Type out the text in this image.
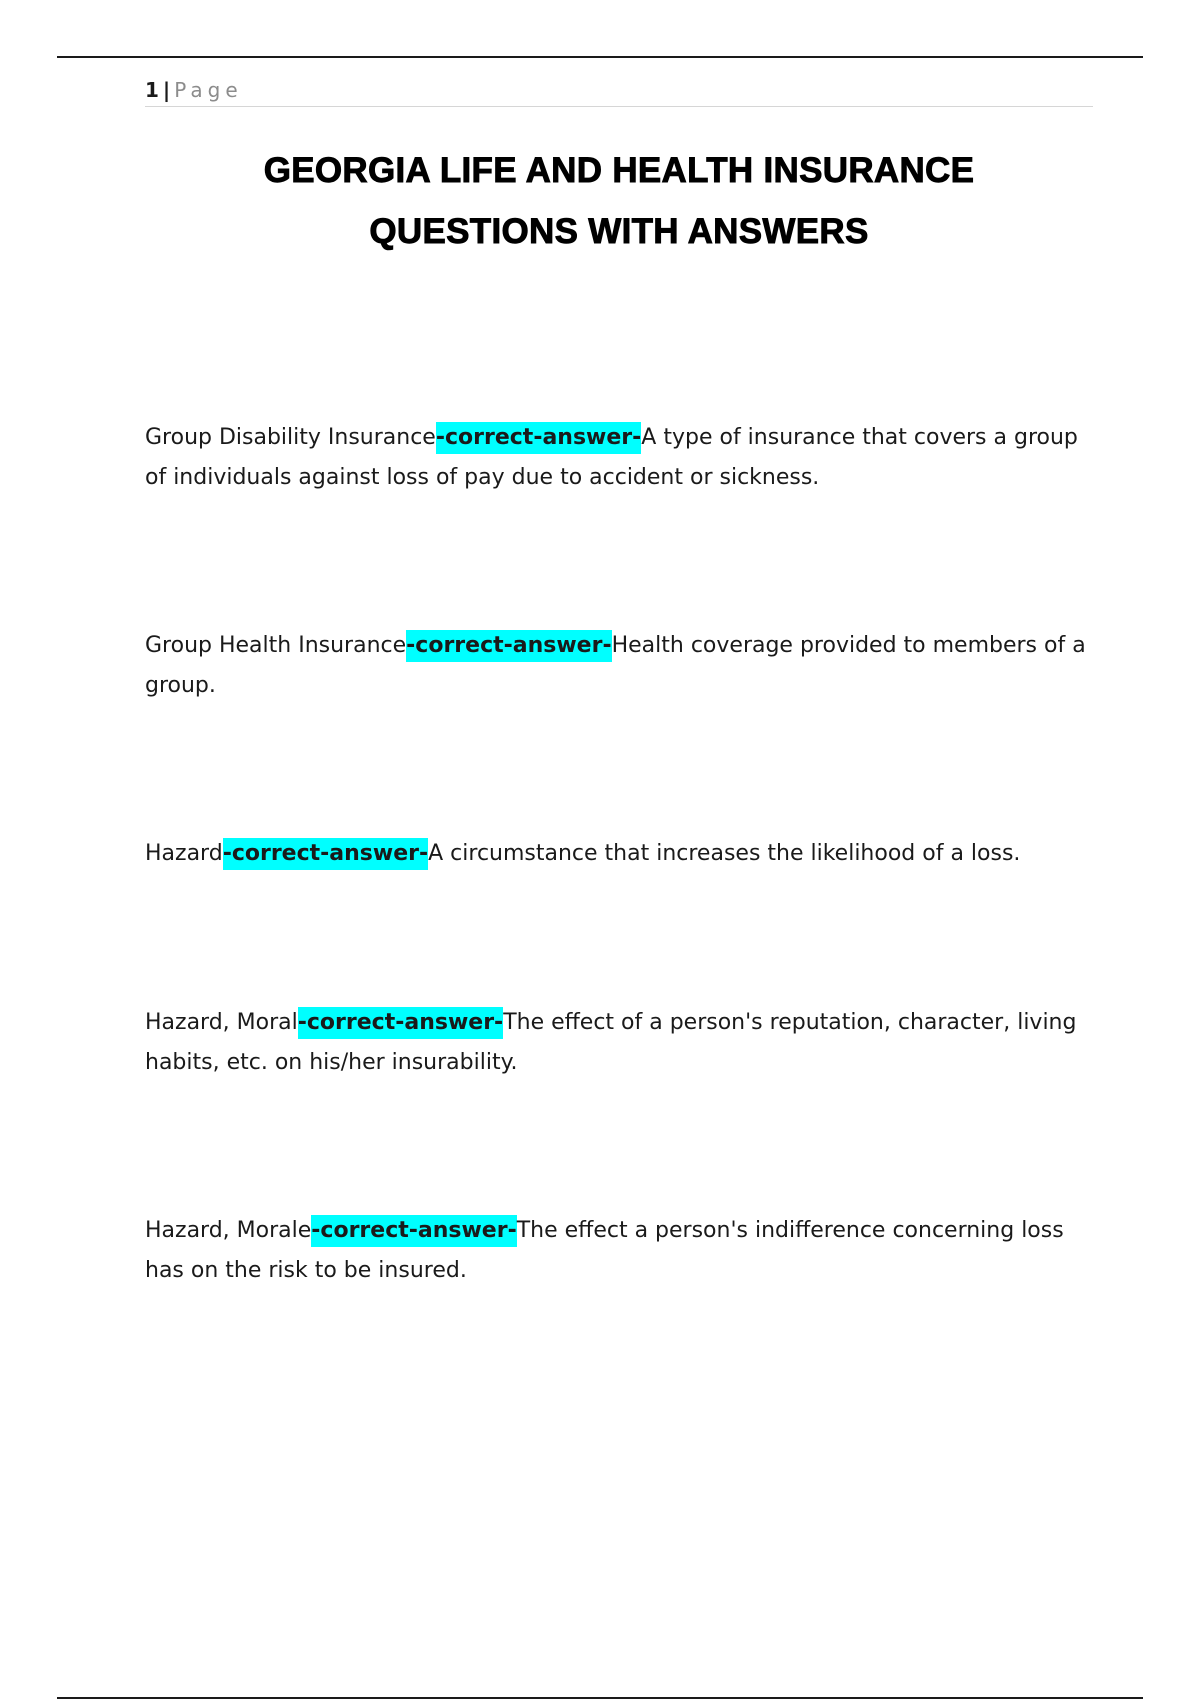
1 | Page
GEORGIA LIFE AND HEALTH INSURANCE
QUESTIONS WITH ANSWERS

Group Disability Insurance-correct-answer-A type of insurance that covers a group of individuals against loss of pay due to accident or sickness.

Group Health Insurance-correct-answer-Health coverage provided to members of a group.

Hazard-correct-answer-A circumstance that increases the likelihood of a loss.

Hazard, Moral-correct-answer-The effect of a person's reputation, character, living habits, etc. on his/her insurability.

Hazard, Morale-correct-answer-The effect a person's indifference concerning loss has on the risk to be insured.
